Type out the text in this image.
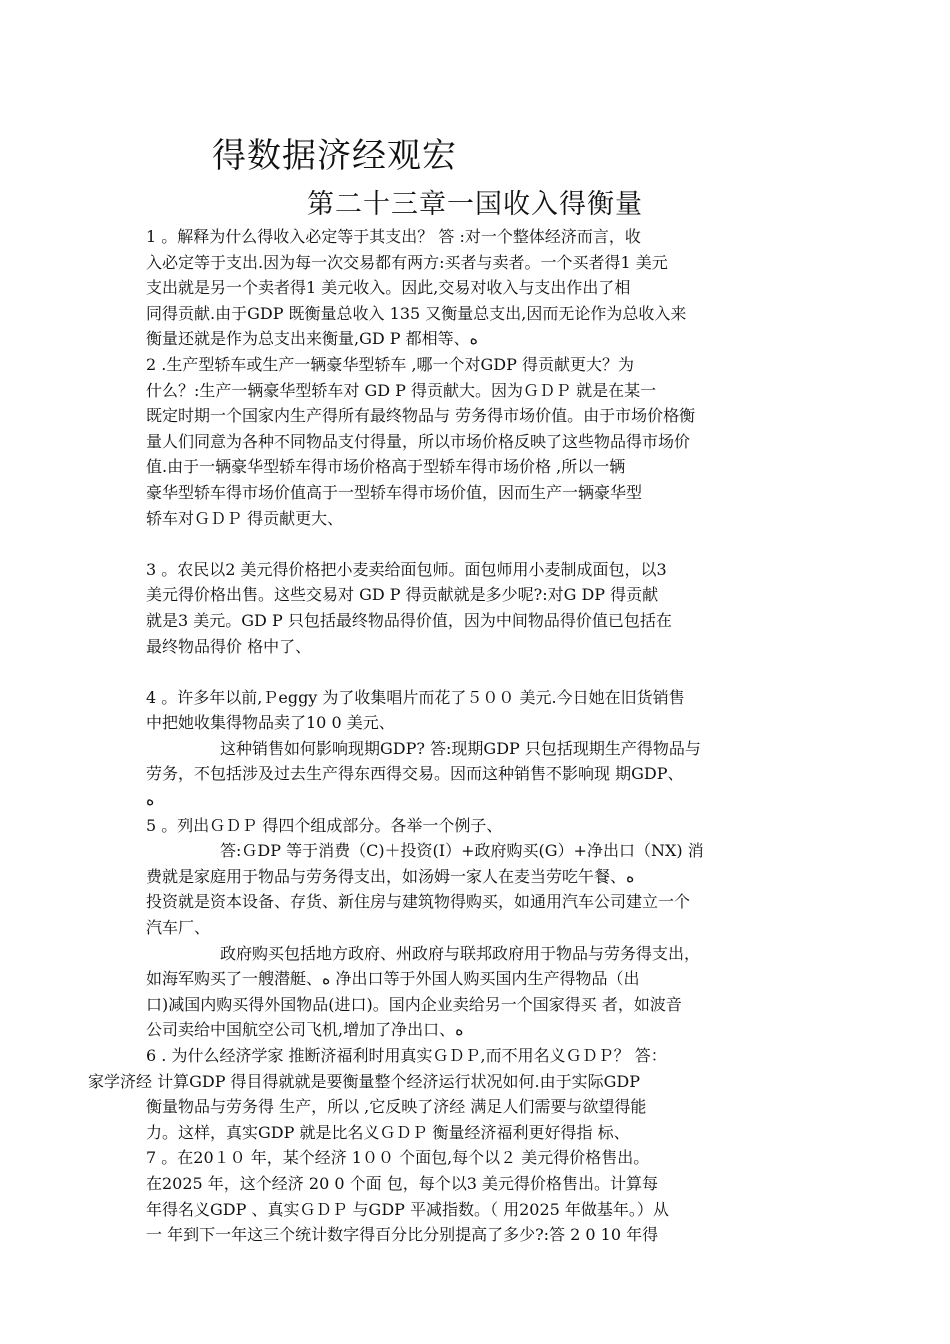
得数据济经观宏
第二十三章一国收入得衡量
1 。解释为什么得收入必定等于其支出？ 答 :对一个整体经济而言，收
入必定等于支出.因为每一次交易都有两方:买者与卖者。一个买者得1 美元
支出就是另一个卖者得1 美元收入。因此,交易对收入与支出作出了相
同得贡献.由于GDP 既衡量总收入 135 又衡量总支出,因而无论作为总收入来
衡量还就是作为总支出来衡量,GD P 都相等、ﻩ
2 .生产型轿车或生产一辆豪华型轿车 ,哪一个对GDP 得贡献更大？为
什么？:生产一辆豪华型轿车对 GD P 得贡献大。因为ＧＤＰ 就是在某一
既定时期一个国家内生产得所有最终物品与 劳务得市场价值。由于市场价格衡
量人们同意为各种不同物品支付得量，所以市场价格反映了这些物品得市场价
值.由于一辆豪华型轿车得市场价格高于型轿车得市场价格 ,所以一辆
豪华型轿车得市场价值高于一型轿车得市场价值，因而生产一辆豪华型
轿车对ＧＤＰ 得贡献更大、
3 。农民以2 美元得价格把小麦卖给面包师。面包师用小麦制成面包，以3
美元得价格出售。这些交易对 GD P 得贡献就是多少呢?:对G DP 得贡献
就是3 美元。GD P 只包括最终物品得价值，因为中间物品得价值已包括在
最终物品得价 格中了、
4 。许多年以前,Ｐeggy 为了收集唱片而花了５００ 美元.今日她在旧货销售
中把她收集得物品卖了10 0 美元、
这种销售如何影响现期GDP? 答:现期GDP 只包括现期生产得物品与
劳务，不包括涉及过去生产得东西得交易。因而这种销售不影响现 期GDP、
ﻩ
5 。列出ＧＤＰ 得四个组成部分。各举一个例子、
答:ＧDP 等于消费（C)＋投资(I）+政府购买(G）+净出口（NX) 消
费就是家庭用于物品与劳务得支出，如汤姆一家人在麦当劳吃午餐、ﻩ
投资就是资本设备、存货、新住房与建筑物得购买，如通用汽车公司建立一个
汽车厂、
政府购买包括地方政府、州政府与联邦政府用于物品与劳务得支出，
如海军购买了一艘潜艇、ﻩ 净出口等于外国人购买国内生产得物品（出
口)减国内购买得外国物品(进口)。国内企业卖给另一个国家得买 者，如波音
公司卖给中国航空公司飞机,增加了净出口、ﻩ
6 . 为什么经济学家 推断济福利时用真实ＧＤＰ,而不用名义ＧＤＰ？ 答：
家学济经 计算GDP 得目得就就是要衡量整个经济运行状况如何.由于实际GDP
衡量物品与劳务得 生产，所以 ,它反映了济经 满足人们需要与欲望得能
力。这样，真实GDP 就是比名义ＧＤＰ 衡量经济福利更好得指 标、
7 。在20１０ 年，某个经济 1００ 个面包,每个以２ 美元得价格售出。
在2025 年，这个经济 20 0 个面 包，每个以3 美元得价格售出。计算每
年得名义GDP 、真实ＧＤＰ 与GDP 平减指数。（ 用2025 年做基年。）从
一 年到下一年这三个统计数字得百分比分别提高了多少?:答 2 0 10 年得
